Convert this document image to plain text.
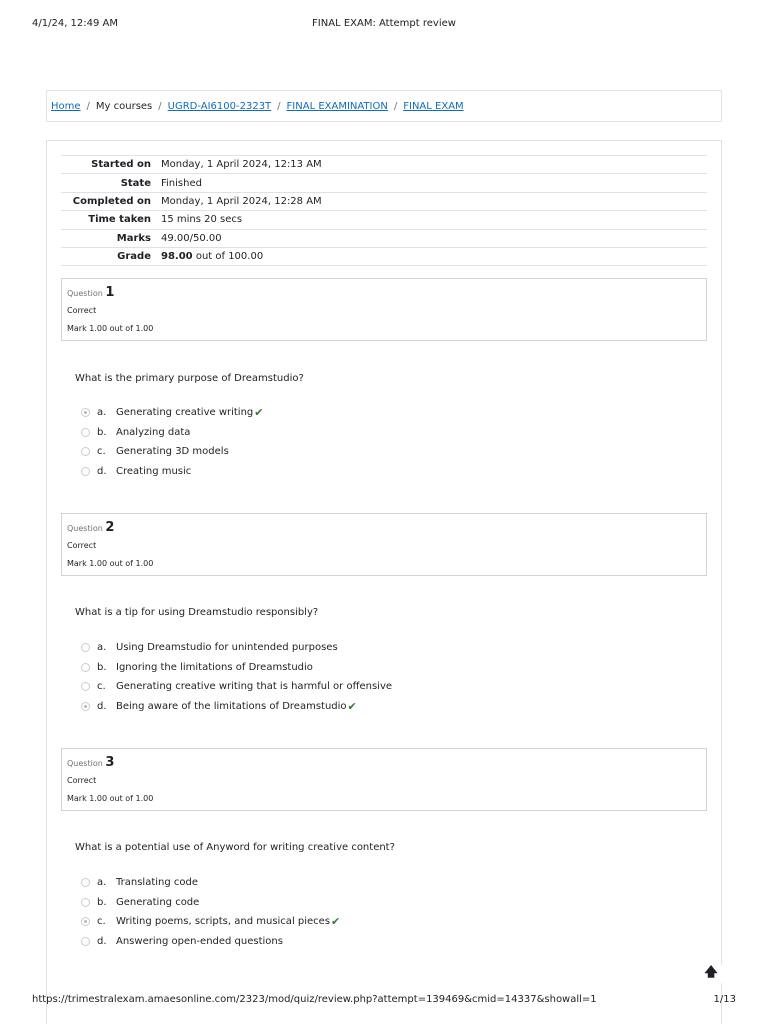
4/1/24, 12:49 AM	FINAL EXAM: Attempt review
Home / My courses / UGRD-AI6100-2323T / FINAL EXAMINATION / FINAL EXAM
Started on	Monday, 1 April 2024, 12:13 AM
State	Finished
Completed on	Monday, 1 April 2024, 12:28 AM
Time taken	15 mins 20 secs
Marks	49.00/50.00
Grade	98.00 out of 100.00
Question 1
Correct
Mark 1.00 out of 1.00
What is the primary purpose of Dreamstudio?
a. Generating creative writing ✔
b. Analyzing data
c.	Generating 3D models
d. Creating music
Question 2
Correct
Mark 1.00 out of 1.00
What is a tip for using Dreamstudio responsibly?
a. Using Dreamstudio for unintended purposes
b. Ignoring the limitations of Dreamstudio
c.	Generating creative writing that is harmful or offensive
d. Being aware of the limitations of Dreamstudio ✔
Question 3
Correct
Mark 1.00 out of 1.00
What is a potential use of Anyword for writing creative content?
a. Translating code
b. Generating code
c.	Writing poems, scripts, and musical pieces ✔
d. Answering open-ended questions
🡅
https://trimestralexam.amaesonline.com/2323/mod/quiz/review.php?attempt=139469&cmid=14337&showall=1	1/13
